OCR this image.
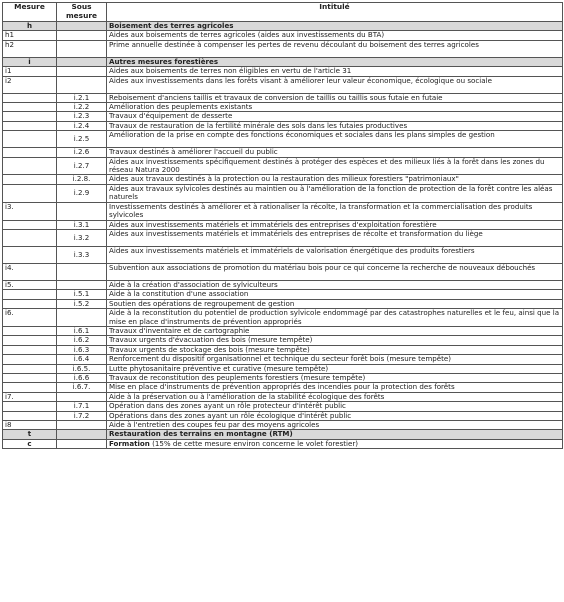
Mesure	Sous mesure	Intitulé
h		Boisement des terres agricoles
h1		Aides aux boisements de terres agricoles (aides aux investissements du BTA)
h2		Prime annuelle destinée à compenser les pertes de revenu découlant du boisement des terres agricoles
i		Autres mesures forestières
i1		Aides aux boisements de terres non éligibles en vertu de l'article 31
i2		Aides aux investissements dans les forêts visant à améliorer leur valeur économique, écologique ou sociale
	i.2.1	Reboisement d'anciens taillis et travaux de conversion de taillis ou taillis sous futaie en futaie
	i.2.2	Amélioration des peuplements existants
	i.2.3	Travaux d'équipement de desserte
	i.2.4	Travaux de restauration de la fertilité minérale des sols dans les futaies productives
	i.2.5	Amélioration de la prise en compte des fonctions économiques et sociales dans les plans simples de gestion
	i.2.6	Travaux destinés à améliorer l'accueil du public
	i.2.7	Aides aux investissements spécifiquement destinés à protéger des espèces et des milieux liés à la forêt dans les zones du réseau Natura 2000
	i.2.8.	Aides aux travaux destinés à la protection ou la restauration des milieux forestiers "patrimoniaux"
	i.2.9	Aides aux travaux sylvicoles destinés au maintien ou à l'amélioration de la fonction de protection de la forêt contre les aléas naturels
i3.		Investissements destinés à améliorer et à rationaliser la récolte, la transformation et la commercialisation des produits sylvicoles
	i.3.1	Aides aux investissements matériels et immatériels des entreprises d'exploitation forestière
	i.3.2	Aides aux investissements matériels et immatériels des entreprises de récolte et transformation du liège
	i.3.3	Aides aux investissements matériels et immatériels de valorisation énergétique des produits forestiers
i4.		Subvention aux associations de promotion du matériau bois pour ce qui concerne la recherche de nouveaux débouchés
i5.		Aide à la création d'association de sylviculteurs
	i.5.1	Aide à la constitution d'une association
	i.5.2	Soutien des opérations de regroupement de gestion
i6.		Aide à la reconstitution du potentiel de production sylvicole endommagé par des catastrophes naturelles et le feu, ainsi que la mise en place d'instruments de prévention appropriés
	i.6.1	Travaux d'inventaire et de cartographie
	i.6.2	Travaux urgents d'évacuation des bois (mesure tempête)
	i.6.3	Travaux urgents de stockage des bois (mesure tempête)
	i.6.4	Renforcement du dispositif organisationnel et technique du secteur forêt bois (mesure tempête)
	i.6.5.	Lutte phytosanitaire préventive et curative (mesure tempête)
	i.6.6	Travaux de reconstitution des peuplements forestiers (mesure tempête)
	i.6.7.	Mise en place d'instruments de prévention appropriés des incendies pour la protection des forêts
i7.		Aide à la préservation ou à l'amélioration de la stabilité écologique des forêts
	i.7.1	Opération dans des zones ayant un rôle protecteur d'intérêt public
	i.7.2	Opérations dans des zones ayant un rôle écologique d'intérêt public
i8		Aide à l'entretien des coupes feu par des moyens agricoles
t		Restauration des terrains en montagne (RTM)
c		Formation (15% de cette mesure environ concerne le volet forestier)
